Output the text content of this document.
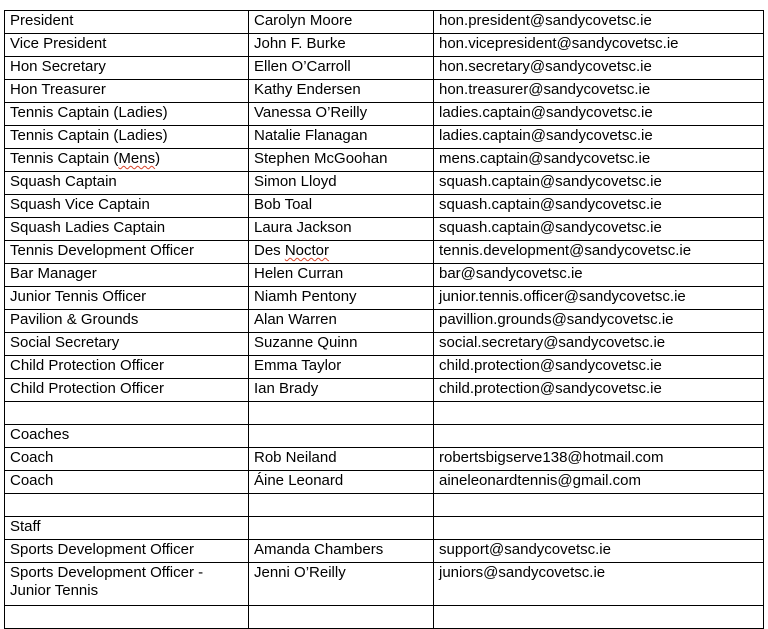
President	Carolyn Moore	hon.president@sandycovetsc.ie
Vice President	John F. Burke	hon.vicepresident@sandycovetsc.ie
Hon Secretary	Ellen O’Carroll	hon.secretary@sandycovetsc.ie
Hon Treasurer	Kathy Endersen	hon.treasurer@sandycovetsc.ie
Tennis Captain (Ladies)	Vanessa O’Reilly	ladies.captain@sandycovetsc.ie
Tennis Captain (Ladies)	Natalie Flanagan	ladies.captain@sandycovetsc.ie
Tennis Captain (Mens)	Stephen McGoohan	mens.captain@sandycovetsc.ie
Squash Captain	Simon Lloyd	squash.captain@sandycovetsc.ie
Squash Vice Captain	Bob Toal	squash.captain@sandycovetsc.ie
Squash Ladies Captain	Laura Jackson	squash.captain@sandycovetsc.ie
Tennis Development Officer	Des Noctor	tennis.development@sandycovetsc.ie
Bar Manager	Helen Curran	bar@sandycovetsc.ie
Junior Tennis Officer	Niamh Pentony	junior.tennis.officer@sandycovetsc.ie
Pavilion & Grounds	Alan Warren	pavillion.grounds@sandycovetsc.ie
Social Secretary	Suzanne Quinn	social.secretary@sandycovetsc.ie
Child Protection Officer	Emma Taylor	child.protection@sandycovetsc.ie
Child Protection Officer	Ian Brady	child.protection@sandycovetsc.ie

Coaches		
Coach	Rob Neiland	robertsbigserve138@hotmail.com
Coach	Áine Leonard	aineleonardtennis@gmail.com

Staff		
Sports Development Officer	Amanda Chambers	support@sandycovetsc.ie
Sports Development Officer - Junior Tennis	Jenni O’Reilly	juniors@sandycovetsc.ie
